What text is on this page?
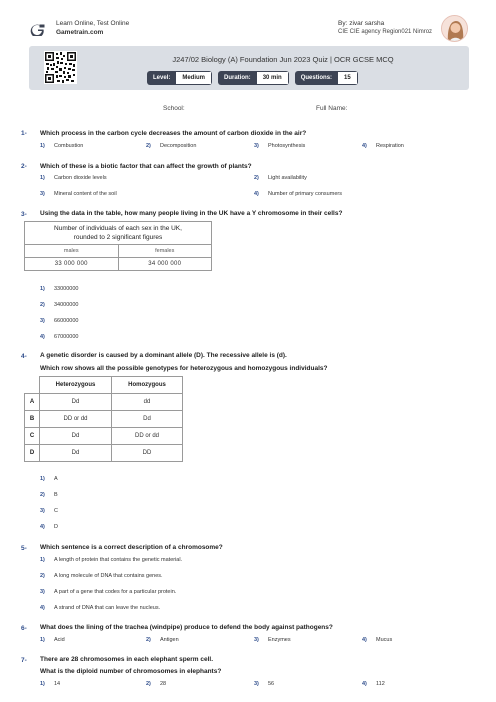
Learn Online, Test Online
Gametrain.com
By: zivar sarsha
CIE CIE agency Region021 Nimroz
J247/02 Biology (A) Foundation Jun 2023 Quiz | OCR GCSE MCQ
Level:	Medium	Duration:	30 min	Questions:	15
School:	Full Name:
1- Which process in the carbon cycle decreases the amount of carbon dioxide in the air?
1) Combustion	2) Decomposition	3) Photosynthesis	4) Respiration
2- Which of these is a biotic factor that can affect the growth of plants?
1) Carbon dioxide levels	2) Light availability
3) Mineral content of the soil	4) Number of primary consumers
3- Using the data in the table, how many people living in the UK have a Y chromosome in their cells?
Number of individuals of each sex in the UK,
rounded to 2 significant figures	

males	females
33 000 000	34 000 000
1) 33000000
2) 34000000
3) 66000000
4) 67000000
4- A genetic disorder is caused by a dominant allele (D). The recessive allele is (d).
Which row shows all the possible genotypes for heterozygous and homozygous individuals?
	Heterozygous	Homozygous
A	Dd	dd
B	DD or dd	Dd
C	Dd	DD or dd
D	Dd	DD
1) A
2) B
3) C
4) D
5- Which sentence is a correct description of a chromosome?
1) A length of protein that contains the genetic material.
2) A long molecule of DNA that contains genes.
3) A part of a gene that codes for a particular protein.
4) A strand of DNA that can leave the nucleus.
6- What does the lining of the trachea (windpipe) produce to defend the body against pathogens?
1) Acid	2) Antigen	3) Enzymes	4) Mucus
7- There are 28 chromosomes in each elephant sperm cell.
What is the diploid number of chromosomes in elephants?
1) 14	2) 28	3) 56	4) 112
